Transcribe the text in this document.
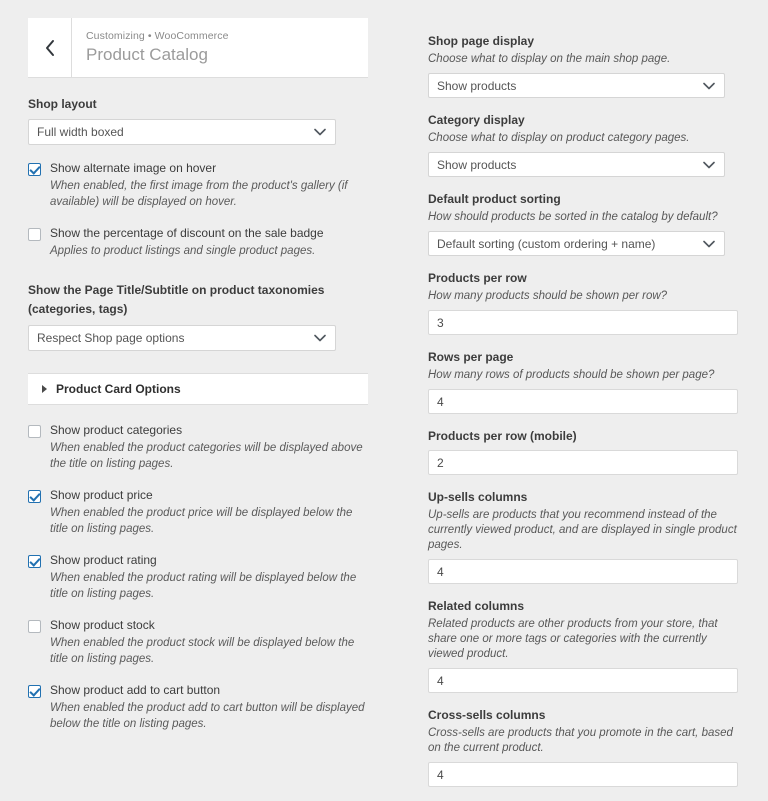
Customizing • WooCommerce
Product Catalog
Shop layout
Full width boxed
Show alternate image on hover
When enabled, the first image from the product's gallery (if available) will be displayed on hover.
Show the percentage of discount on the sale badge
Applies to product listings and single product pages.
Show the Page Title/Subtitle on product taxonomies (categories, tags)
Respect Shop page options
Product Card Options
Show product categories
When enabled the product categories will be displayed above the title on listing pages.
Show product price
When enabled the product price will be displayed below the title on listing pages.
Show product rating
When enabled the product rating will be displayed below the title on listing pages.
Show product stock
When enabled the product stock will be displayed below the title on listing pages.
Show product add to cart button
When enabled the product add to cart button will be displayed below the title on listing pages.
Shop page display
Choose what to display on the main shop page.
Show products
Category display
Choose what to display on product category pages.
Show products
Default product sorting
How should products be sorted in the catalog by default?
Default sorting (custom ordering + name)
Products per row
How many products should be shown per row?
3
Rows per page
How many rows of products should be shown per page?
4
Products per row (mobile)
2
Up-sells columns
Up-sells are products that you recommend instead of the currently viewed product, and are displayed in single product pages.
4
Related columns
Related products are other products from your store, that share one or more tags or categories with the currently viewed product.
4
Cross-sells columns
Cross-sells are products that you promote in the cart, based on the current product.
4
